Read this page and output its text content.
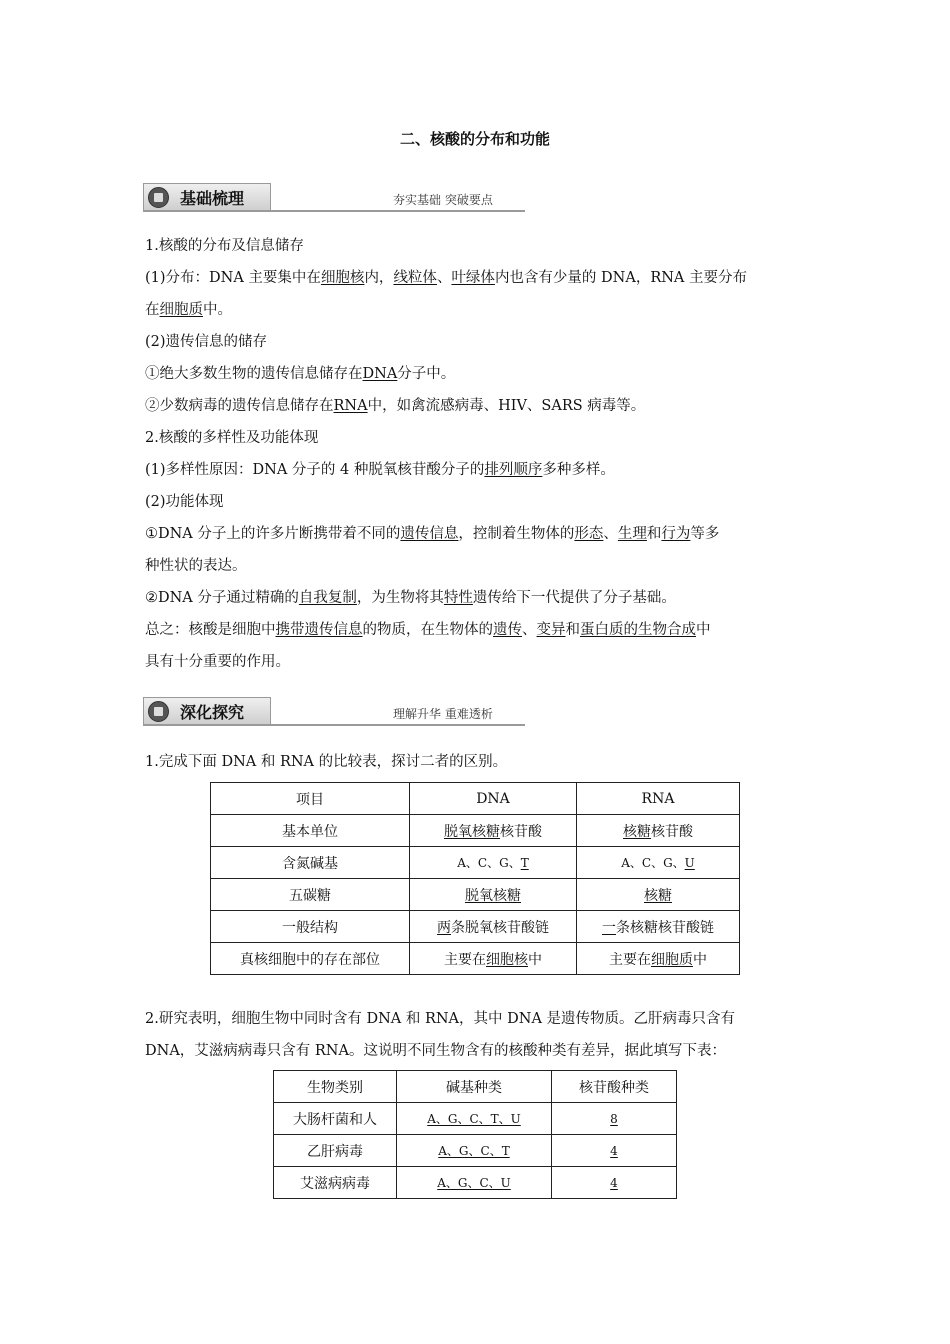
二、核酸的分布和功能
基础梳理	夯实基础 突破要点
1.核酸的分布及信息储存
(1)分布：DNA 主要集中在细胞核内，线粒体、叶绿体内也含有少量的 DNA，RNA 主要分布
在细胞质中。
(2)遗传信息的储存
①绝大多数生物的遗传信息储存在DNA分子中。
②少数病毒的遗传信息储存在RNA中，如禽流感病毒、HIV、SARS 病毒等。
2.核酸的多样性及功能体现
(1)多样性原因：DNA 分子的 4 种脱氧核苷酸分子的排列顺序多种多样。
(2)功能体现
①DNA 分子上的许多片断携带着不同的遗传信息，控制着生物体的形态、生理和行为等多
种性状的表达。
②DNA 分子通过精确的自我复制，为生物将其特性遗传给下一代提供了分子基础。
总之：核酸是细胞中携带遗传信息的物质，在生物体的遗传、变异和蛋白质的生物合成中
具有十分重要的作用。
深化探究	理解升华 重难透析
1.完成下面 DNA 和 RNA 的比较表，探讨二者的区别。
项目	DNA	RNA
基本单位	脱氧核糖核苷酸	核糖核苷酸
含氮碱基	A、C、G、T	A、C、G、U
五碳糖	脱氧核糖	核糖
一般结构	两条脱氧核苷酸链	一条核糖核苷酸链
真核细胞中的存在部位	主要在细胞核中	主要在细胞质中
2.研究表明，细胞生物中同时含有 DNA 和 RNA，其中 DNA 是遗传物质。乙肝病毒只含有
DNA，艾滋病病毒只含有 RNA。这说明不同生物含有的核酸种类有差异，据此填写下表：
生物类别	碱基种类	核苷酸种类
大肠杆菌和人	A、G、C、T、U	8
乙肝病毒	A、G、C、T	4
艾滋病病毒	A、G、C、U	4
